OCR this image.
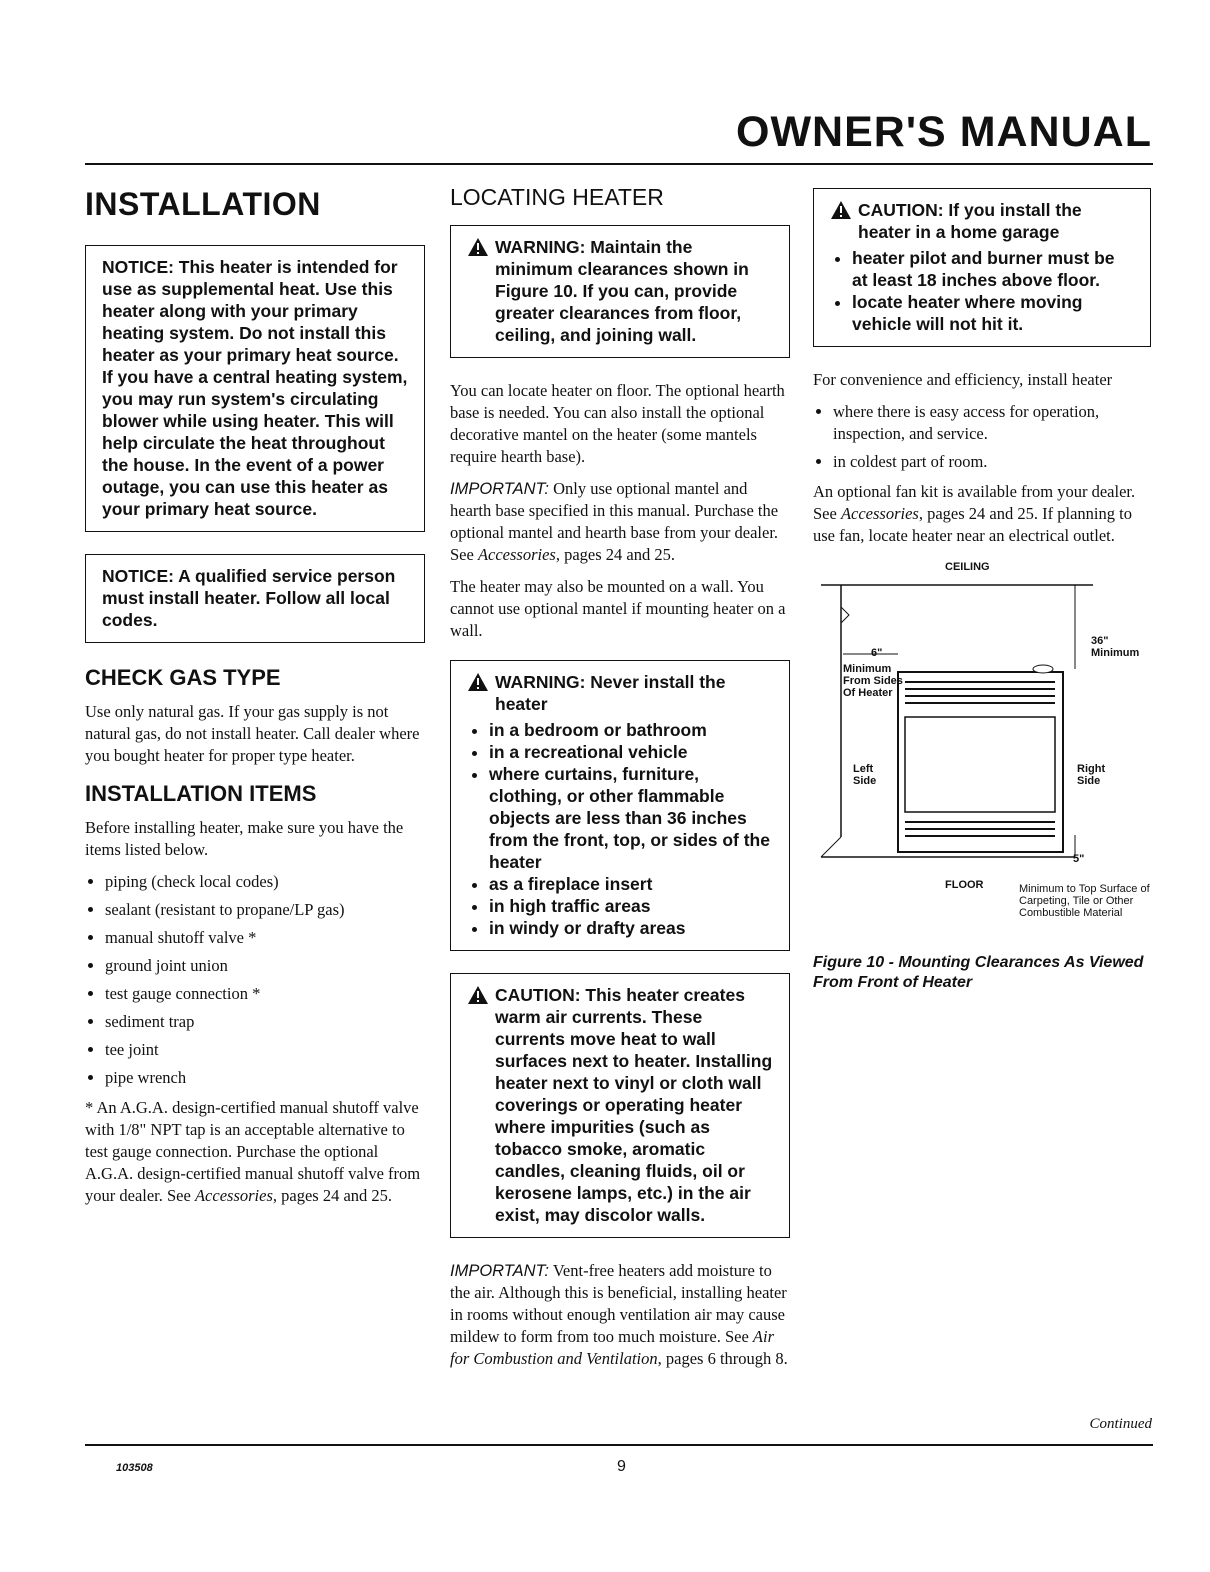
OWNER'S MANUAL
INSTALLATION

NOTICE: This heater is intended for use as supplemental heat. Use this heater along with your primary heating system. Do not install this heater as your primary heat source. If you have a central heating system, you may run system's circulating blower while using heater. This will help circulate the heat throughout the house. In the event of a power outage, you can use this heater as your primary heat source.

NOTICE: A qualified service person must install heater. Follow all local codes.

CHECK GAS TYPE

Use only natural gas. If your gas supply is not natural gas, do not install heater. Call dealer where you bought heater for proper type heater.

INSTALLATION ITEMS

Before installing heater, make sure you have the items listed below.

• piping (check local codes)
• sealant (resistant to propane/LP gas)
• manual shutoff valve *
• ground joint union
• test gauge connection *
• sediment trap
• tee joint
• pipe wrench

* An A.G.A. design-certified manual shutoff valve with 1/8" NPT tap is an acceptable alternative to test gauge connection. Purchase the optional A.G.A. design-certified manual shutoff valve from your dealer. See Accessories, pages 24 and 25.

LOCATING HEATER

WARNING: Maintain the minimum clearances shown in Figure 10. If you can, provide greater clearances from floor, ceiling, and joining wall.

You can locate heater on floor. The optional hearth base is needed. You can also install the optional decorative mantel on the heater (some mantels require hearth base).

IMPORTANT: Only use optional mantel and hearth base specified in this manual. Purchase the optional mantel and hearth base from your dealer. See Accessories, pages 24 and 25.

The heater may also be mounted on a wall. You cannot use optional mantel if mounting heater on a wall.

WARNING: Never install the heater

• in a bedroom or bathroom
• in a recreational vehicle
• where curtains, furniture, clothing, or other flammable objects are less than 36 inches from the front, top, or sides of the heater
• as a fireplace insert
• in high traffic areas
• in windy or drafty areas

CAUTION: This heater creates warm air currents. These currents move heat to wall surfaces next to heater. Installing heater next to vinyl or cloth wall coverings or operating heater where impurities (such as tobacco smoke, aromatic candles, cleaning fluids, oil or kerosene lamps, etc.) in the air exist, may discolor walls.

IMPORTANT: Vent-free heaters add moisture to the air. Although this is beneficial, installing heater in rooms without enough ventilation air may cause mildew to form from too much moisture. See Air for Combustion and Ventilation, pages 6 through 8.

CAUTION: If you install the heater in a home garage

• heater pilot and burner must be at least 18 inches above floor.
• locate heater where moving vehicle will not hit it.

For convenience and efficiency, install heater

• where there is easy access for operation, inspection, and service.
• in coldest part of room.

An optional fan kit is available from your dealer. See Accessories, pages 24 and 25. If planning to use fan, locate heater near an electrical outlet.

CEILING
36"
Minimum
6"
Minimum From Sides Of Heater
Left Side
Right Side
5"
FLOOR	Minimum to Top Surface of Carpeting, Tile or Other Combustible Material
Figure 10 - Mounting Clearances As Viewed From Front of Heater
Continued
103508	9
